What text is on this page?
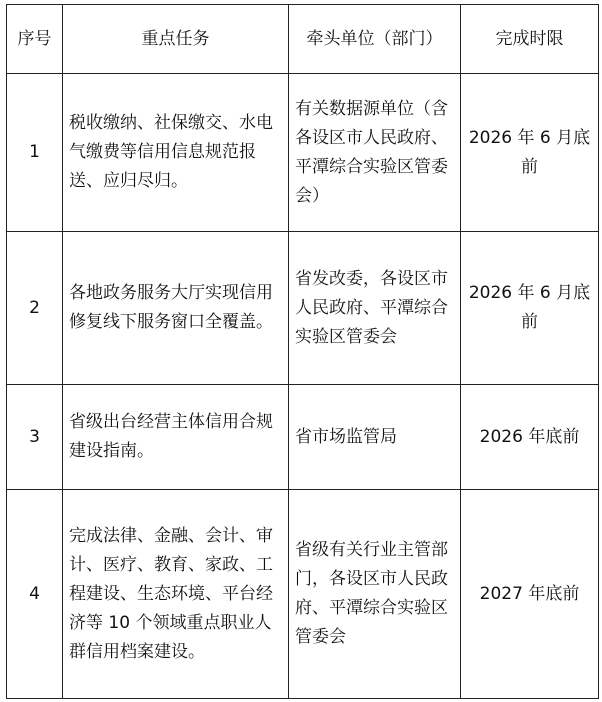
序号	重点任务	牵头单位（部门）	完成时限
1	税收缴纳、社保缴交、水电气缴费等信用信息规范报送、应归尽归。	有关数据源单位（含各设区市人民政府、平潭综合实验区管委会）	2026 年 6 月底前
2	各地政务服务大厅实现信用修复线下服务窗口全覆盖。	省发改委，各设区市人民政府、平潭综合实验区管委会	2026 年 6 月底前
3	省级出台经营主体信用合规建设指南。	省市场监管局	2026 年底前
4	完成法律、金融、会计、审计、医疗、教育、家政、工程建设、生态环境、平台经济等 10 个领域重点职业人群信用档案建设。	省级有关行业主管部门，各设区市人民政府、平潭综合实验区管委会	2027 年底前
